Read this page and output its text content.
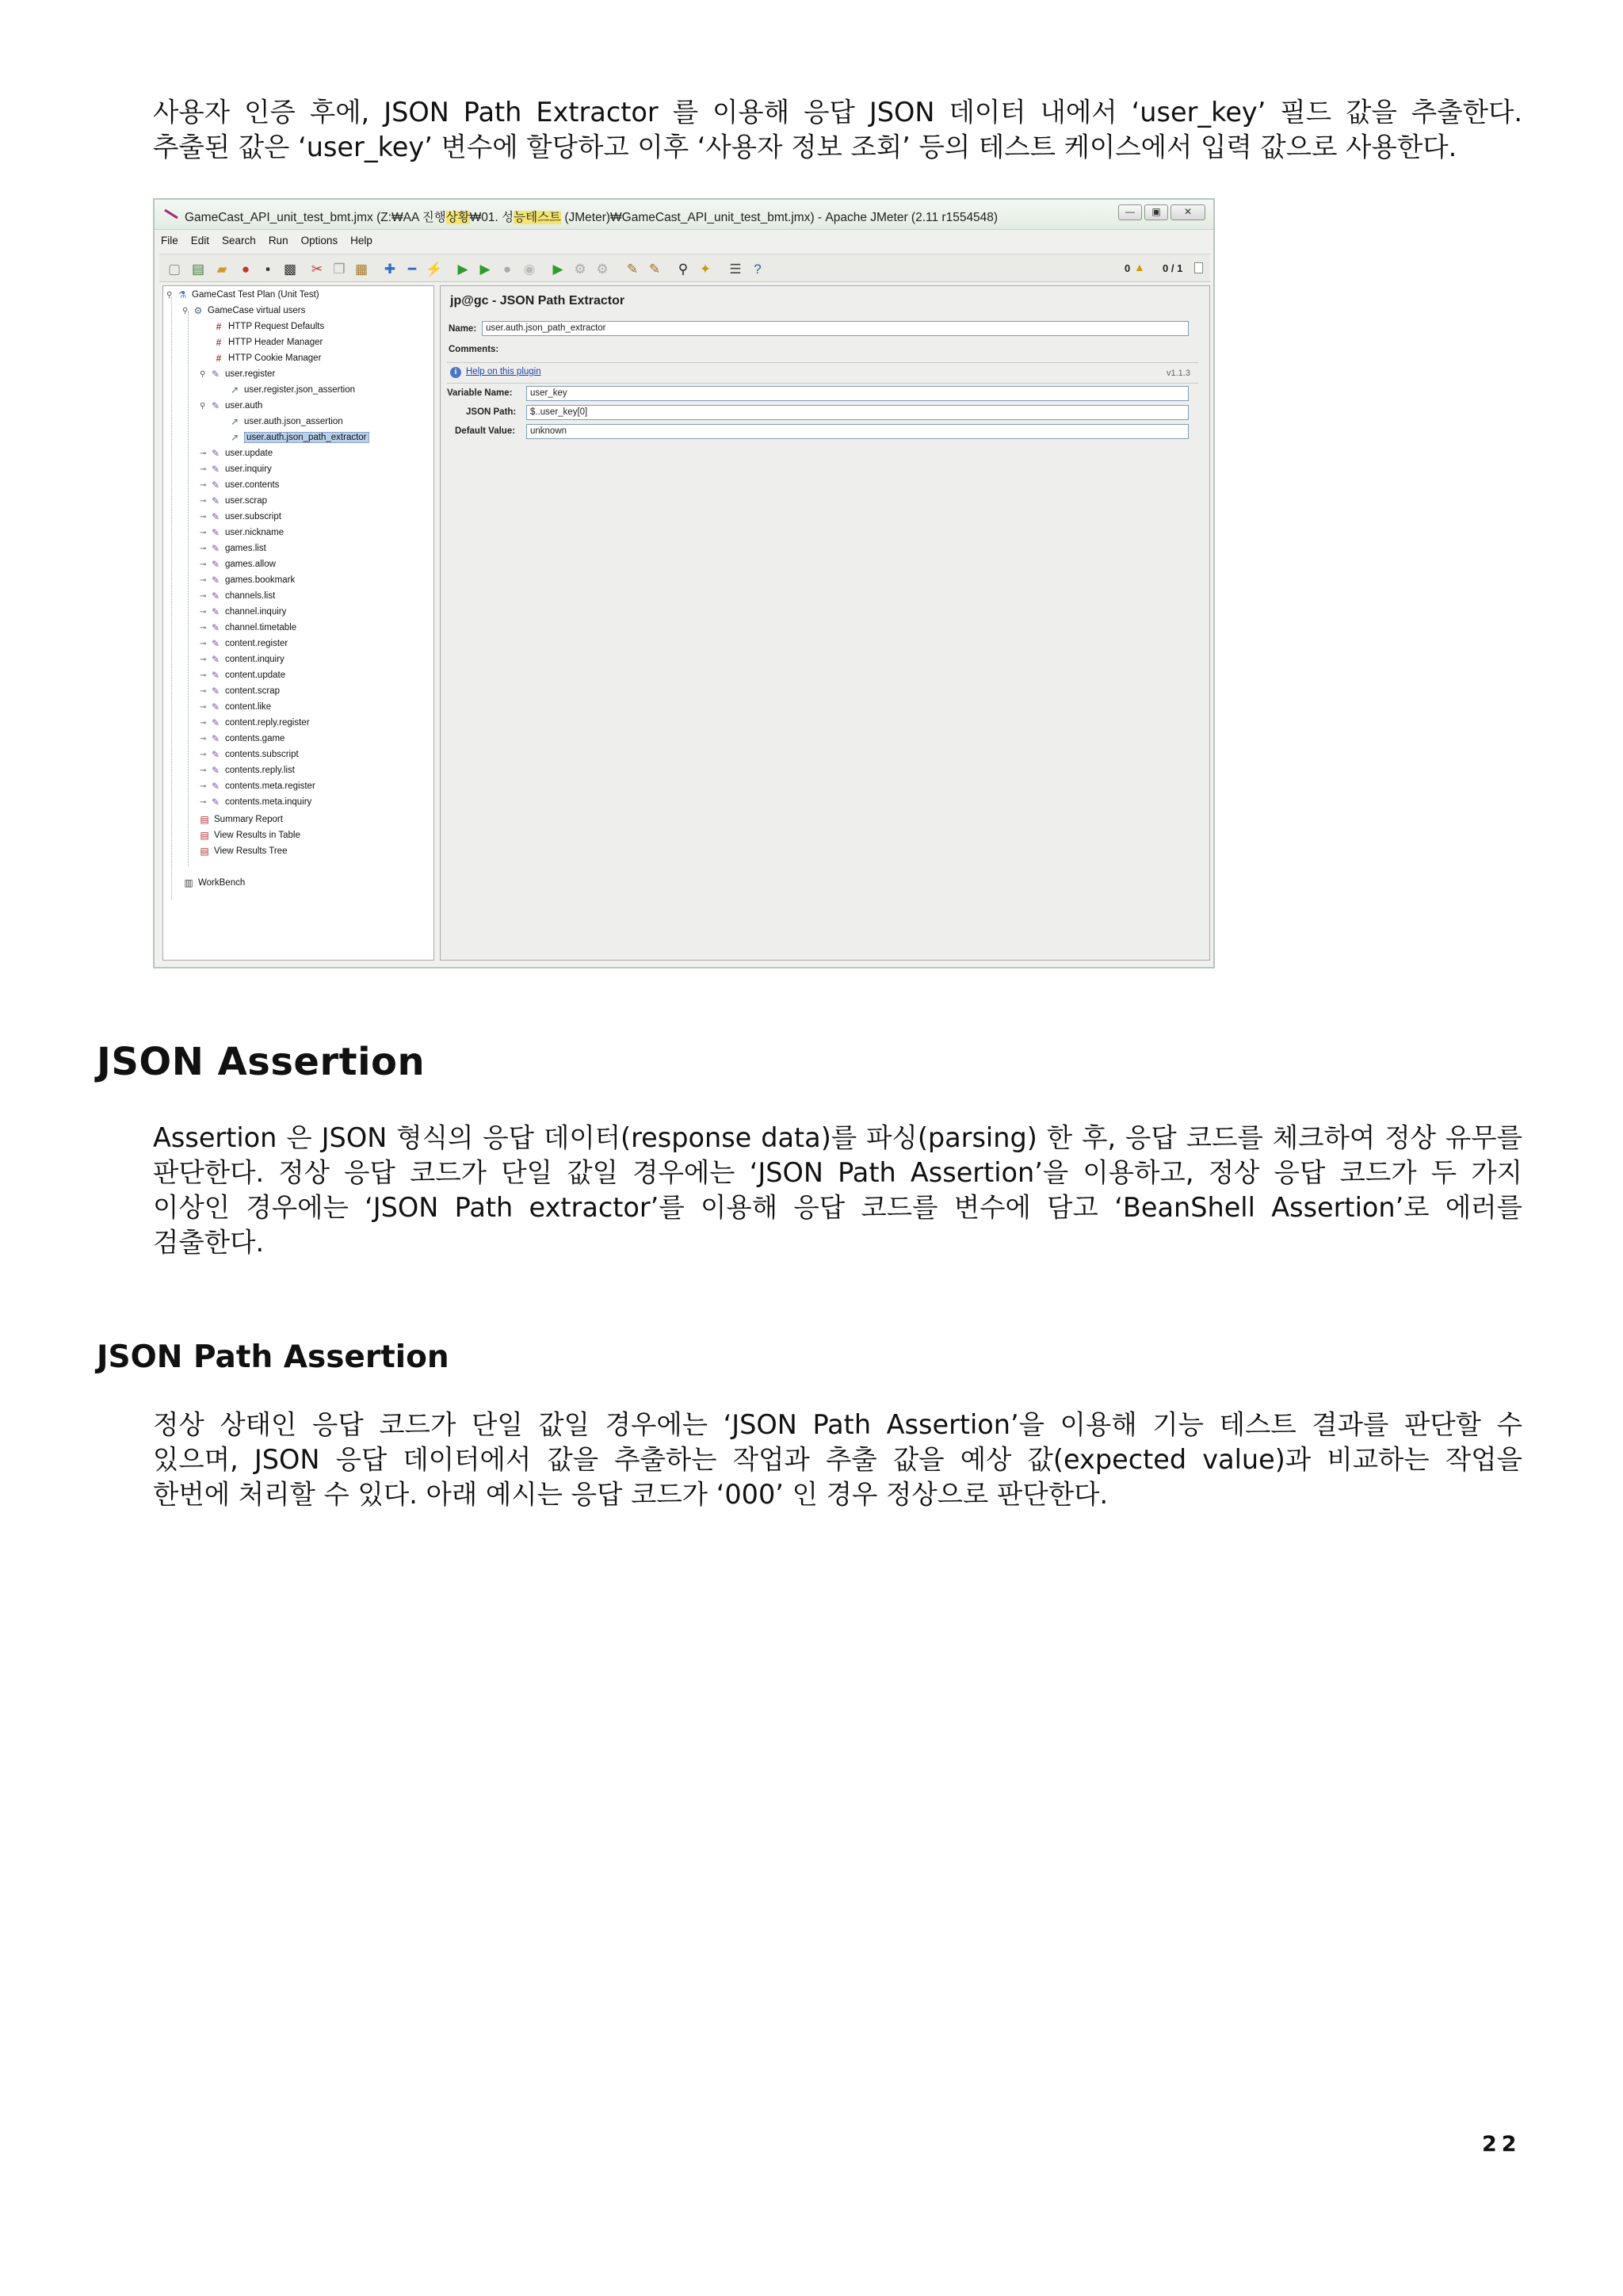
사용자 인증 후에, JSON Path Extractor 를 이용해 응답 JSON 데이터 내에서 ‘user_key’ 필드 값을 추출한다.
추출된 값은 ‘user_key’ 변수에 할당하고 이후 ‘사용자 정보 조회’ 등의 테스트 케이스에서 입력 값으로 사용한다.
GameCast_API_unit_test_bmt.jmx (Z:₩AA 진행상황₩01. 성능테스트 (JMeter)₩GameCast_API_unit_test_bmt.jmx) - Apache JMeter (2.11 r1554548)	—	▣	✕
File Edit Search Run Options Help
▢ ▤ ▰	●	▪ ▩	✂ ❐ ▦	✚ ━ ⚡	▶ ▶ ● ◉	▶ ⚙ ⚙	✎ ✎	⚲ ✦	☰ ?	0 ▲ 0 / 1
⚲ ⚗ GameCast Test Plan (Unit Test)
⚲ ⚙ GameCase virtual users
# HTTP Request Defaults
# HTTP Header Manager
# HTTP Cookie Manager
⚲ ✎ user.register
↗ user.register.json_assertion
⚲ ✎ user.auth
↗ user.auth.json_assertion
↗ user.auth.json_path_extractor
⊸ ✎ user.update
⊸ ✎ user.inquiry
⊸ ✎ user.contents
⊸ ✎ user.scrap
⊸ ✎ user.subscript
⊸ ✎ user.nickname
⊸ ✎ games.list
⊸ ✎ games.allow
⊸ ✎ games.bookmark
⊸ ✎ channels.list
⊸ ✎ channel.inquiry
⊸ ✎ channel.timetable
⊸ ✎ content.register
⊸ ✎ content.inquiry
⊸ ✎ content.update
⊸ ✎ content.scrap
⊸ ✎ content.like
⊸ ✎ content.reply.register
⊸ ✎ contents.game
⊸ ✎ contents.subscript
⊸ ✎ contents.reply.list
⊸ ✎ contents.meta.register
⊸ ✎ contents.meta.inquiry
▤ Summary Report
▤ View Results in Table
▤ View Results Tree
▥ WorkBench
jp@gc - JSON Path Extractor
Name:	user.auth.json_path_extractor
Comments:
i	Help on this plugin	v1.1.3
Variable Name:	user_key
JSON Path:	$..user_key[0]
Default Value:	unknown
JSON Assertion
Assertion 은 JSON 형식의 응답 데이터(response data)를 파싱(parsing) 한 후, 응답 코드를 체크하여 정상 유무를
판단한다. 정상 응답 코드가 단일 값일 경우에는 ‘JSON Path Assertion’을 이용하고, 정상 응답 코드가 두 가지
이상인 경우에는 ‘JSON Path extractor’를 이용해 응답 코드를 변수에 담고 ‘BeanShell Assertion’로 에러를
검출한다.
JSON Path Assertion
정상 상태인 응답 코드가 단일 값일 경우에는 ‘JSON Path Assertion’을 이용해 기능 테스트 결과를 판단할 수
있으며, JSON 응답 데이터에서 값을 추출하는 작업과 추출 값을 예상 값(expected value)과 비교하는 작업을
한번에 처리할 수 있다. 아래 예시는 응답 코드가 ‘000’ 인 경우 정상으로 판단한다.
22
